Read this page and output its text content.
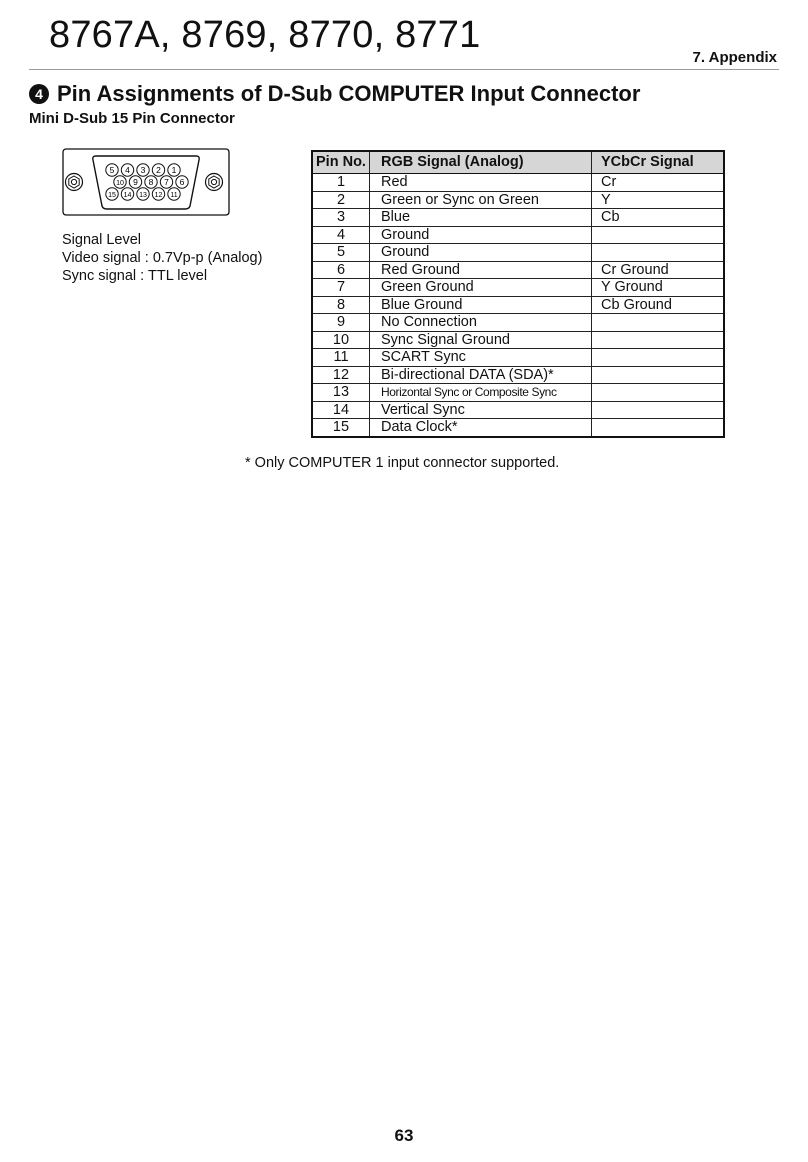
8767A, 8769, 8770, 8771
7. Appendix
4 Pin Assignments of D-Sub COMPUTER Input Connector
Mini D-Sub 15 Pin Connector
5 4 3 2 1
10 9 8 7 6
15 14 13 12 11
Signal Level
Video signal : 0.7Vp-p (Analog)
Sync signal : TTL level
Pin No.	RGB Signal (Analog)	YCbCr Signal
1	Red	Cr
2	Green or Sync on Green	Y
3	Blue	Cb
4	Ground	
5	Ground	
6	Red Ground	Cr Ground
7	Green Ground	Y Ground
8	Blue Ground	Cb Ground
9	No Connection	
10	Sync Signal Ground	
11	SCART Sync	
12	Bi-directional DATA (SDA)*	
13	Horizontal Sync or Composite Sync	
14	Vertical Sync	
15	Data Clock*	
* Only COMPUTER 1 input connector supported.
63
